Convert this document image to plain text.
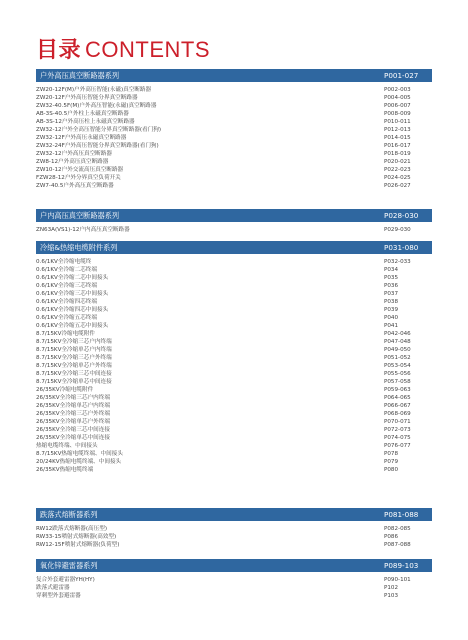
目录 CONTENTS
户外高压真空断路器系列	P001-027
ZW20-12F(M)户外高压智能(永磁)真空断路器	P002-003
ZW20-12F户外高压智能分界真空断路器	P004-005
ZW32-40.5F(M)户外高压智能(永磁)真空断路器	P006-007
AB-3S-40.5户外柱上永磁真空断路器	P008-009
AB-3S-12户外高压柱上永磁真空断路器	P010-011
ZW32-12户外全高压智能分界真空断路器(看门狗)	P012-013
ZW32-12F户外高压永磁真空断路器	P014-015
ZW32-24F户外高压智能分界真空断路器(看门狗)	P016-017
ZW32-12户外高压真空断路器	P018-019
ZW8-12户外高压真空断路器	P020-021
ZW10-12户外交流高压真空断路器	P022-023
FZW28-12户外分界真空负荷开关	P024-025
ZW7-40.5户外高压真空断路器	P026-027
户内高压真空断路器系列	P028-030
ZN63A(VS1)-12户内高压真空断路器	P029-030
冷缩&热缩电缆附件系列	P031-080
0.6/1KV全冷缩电缆终	P032-033
0.6/1KV全冷缩二芯终端	P034
0.6/1KV全冷缩二芯中间接头	P035
0.6/1KV全冷缩三芯终端	P036
0.6/1KV全冷缩三芯中间接头	P037
0.6/1KV全冷缩四芯终端	P038
0.6/1KV全冷缩四芯中间接头	P039
0.6/1KV全冷缩五芯终端	P040
0.6/1KV全冷缩五芯中间接头	P041
8.7/15KV冷缩电缆附件	P042-046
8.7/15KV全冷缩三芯户内终端	P047-048
8.7/15KV全冷缩单芯户内终端	P049-050
8.7/15KV全冷缩三芯户外终端	P051-052
8.7/15KV全冷缩单芯户外终端	P053-054
8.7/15KV全冷缩三芯中间连接	P055-056
8.7/15KV全冷缩单芯中间连接	P057-058
26/35KV冷缩电缆附件	P059-063
26/35KV全冷缩三芯户内终端	P064-065
26/35KV全冷缩单芯户内终端	P066-067
26/35KV全冷缩三芯户外终端	P068-069
26/35KV全冷缩单芯户外终端	P070-071
26/35KV全冷缩三芯中间连接	P072-073
26/35KV全冷缩单芯中间连接	P074-075
热缩电缆终端、中间接头	P076-077
8.7/15KV热缩电缆终端、中间接头	P078
20/24KV热缩电缆终端、中间接头	P079
26/35KV热缩电缆终端	P080
跌落式熔断器系列	P081-088
RW12跌落式熔断器(高压型)	P082-085
RW33-15喷射式熔断器(高效型)	P086
RW12-15F喷射式熔断器(负荷型)	P087-088
氧化锌避雷器系列	P089-103
复合外套避雷器YH(HY)	P090-101
跌落式避雷器	P102
穿刺型外套避雷器	P103
